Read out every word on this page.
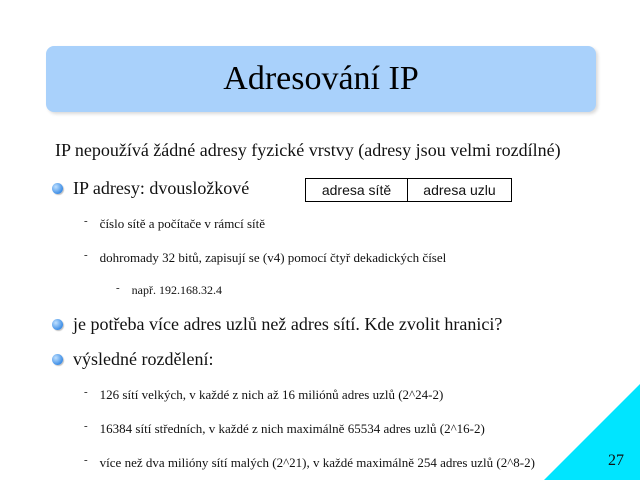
Adresování IP
IP nepoužívá žádné adresy fyzické vrstvy (adresy jsou velmi rozdílné)
IP adresy: dvousložkové	adresa sítě	adresa uzlu
- číslo sítě a počítače v rámcí sítě
- dohromady 32 bitů, zapisují se (v4) pomocí čtyř dekadických čísel
- např. 192.168.32.4
je potřeba více adres uzlů než adres sítí. Kde zvolit hranici?
výsledné rozdělení:
- 126 sítí velkých, v každé z nich až 16 miliónů adres uzlů (2^24-2)
- 16384 sítí středních, v každé z nich maximálně 65534 adres uzlů (2^16-2)
- více než dva milióny sítí malých (2^21), v každé maximálně 254 adres uzlů (2^8-2)	27
